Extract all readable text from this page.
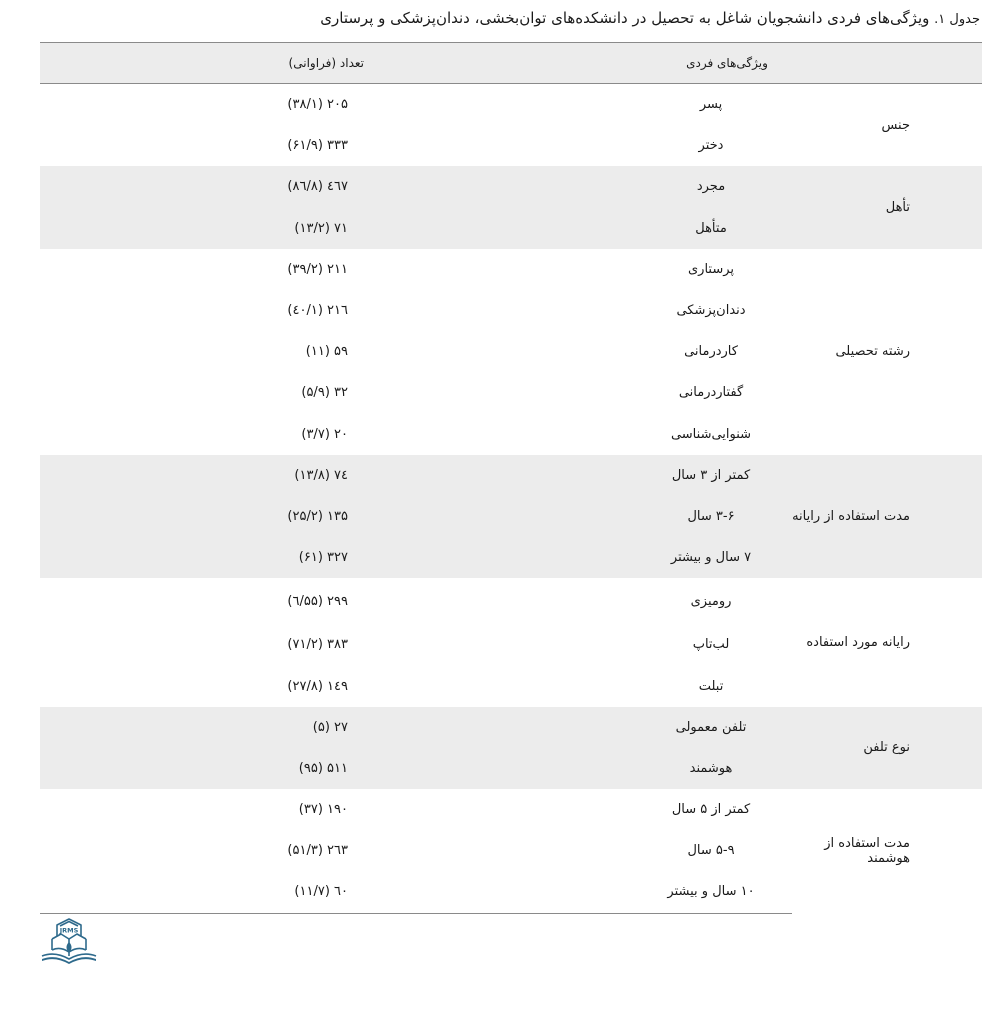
جدول ۱. ویژگی‌های فردی دانشجویان شاغل به تحصیل در دانشکده‌های توان‌بخشی، دندان‌پزشکی و پرستاری
ویژگی‌های فردی		تعداد (فراوانی)
جنس	پسر	۲۰۵ (۳۸/۱)
	دختر	۳۳۳ (۶۱/۹)
تأهل	مجرد	٤٦٧ (٨٦/٨)
	متأهل	۷۱ (۱۳/۲)
رشته تحصیلی	پرستاری	۲۱۱ (۳۹/۲)
	دندان‌پزشکی	۲۱٦ (٤۰/۱)
	کاردرمانی	۵۹ (۱۱)
	گفتاردرمانی	۳۲ (۵/۹)
	شنوایی‌شناسی	۲۰ (۳/۷)
مدت استفاده از رایانه	کمتر از ۳ سال	۷٤ (۱۳/۸)
	۳-۶ سال	۱۳۵ (۲۵/۲)
	۷ سال و بیشتر	۳۲۷ (۶۱)
رایانه مورد استفاده	رومیزی	۲۹۹ (۵۵/٦)
	لب‌تاپ	۳۸۳ (۷۱/۲)
	تبلت	۱٤۹ (۲۷/۸)
نوع تلفن	تلفن معمولی	۲۷ (۵)
	هوشمند	۵۱۱ (۹۵)
مدت استفاده از هوشمند	کمتر از ۵ سال	۱۹۰ (۳۷)
	۵-۹ سال	۲٦۳ (۵۱/۳)
	۱۰ سال و بیشتر	٦۰ (۱۱/۷)
JRMS
